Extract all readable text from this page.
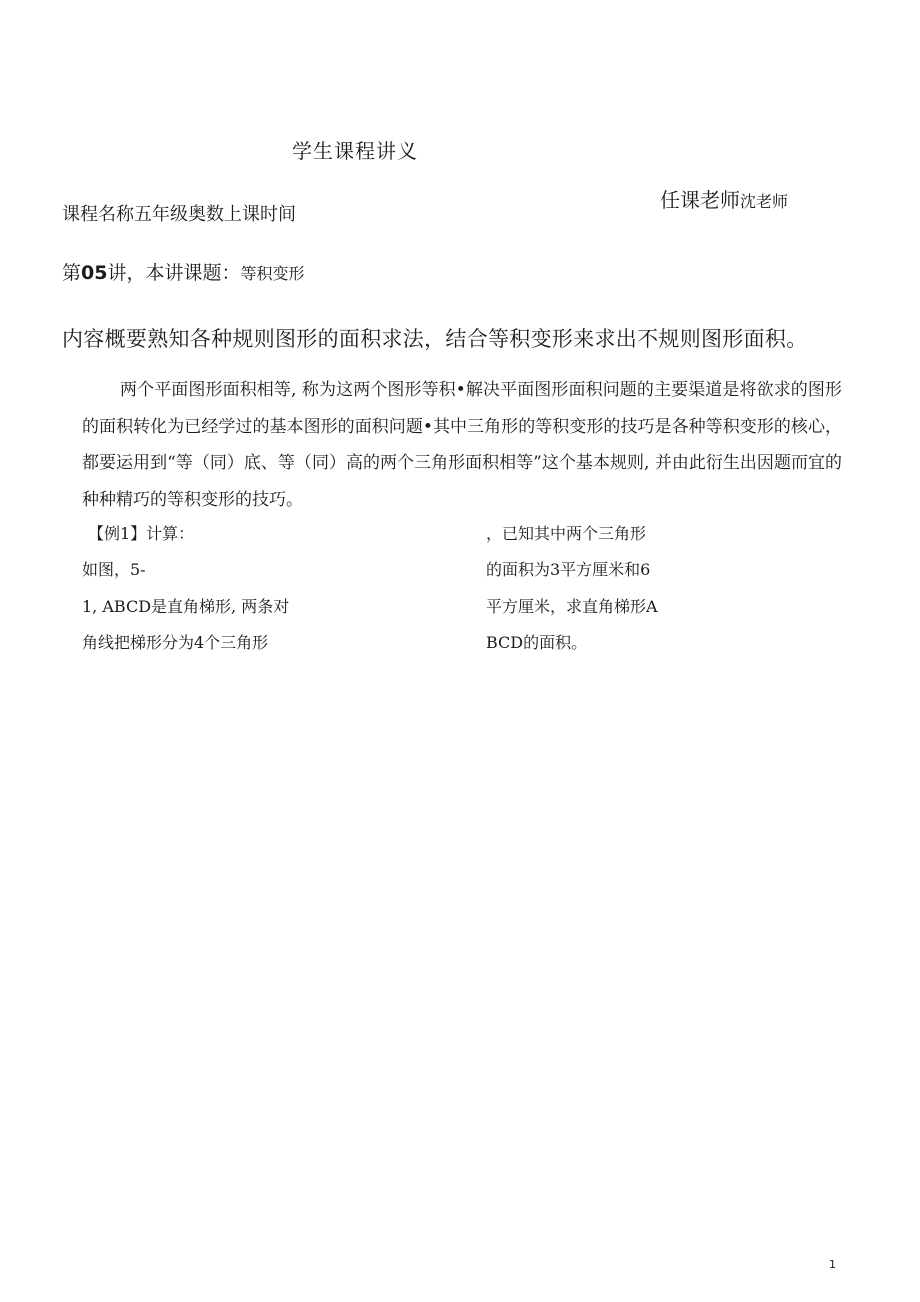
学生课程讲义
课程名称五年级奥数上课时间
任课老师沈老师
第05讲，本讲课题：等积变形
内容概要熟知各种规则图形的面积求法，结合等积变形来求出不规则图形面积。
两个平面图形面积相等, 称为这两个图形等积•解决平面图形面积问题的主要渠道是将欲求的图形的面积转化为已经学过的基本图形的面积问题•其中三角形的等积变形的技巧是各种等积变形的核心，都要运用到“等（同）底、等（同）高的两个三角形面积相等”这个基本规则, 并由此衍生出因题而宜的种种精巧的等积变形的技巧。
【例1】计算：
如图，5-
1, ABCD是直角梯形, 两条对
角线把梯形分为4个三角形
，已知其中两个三角形
的面积为3平方厘米和6
平方厘米，求直角梯形A
BCD的面积。
1
